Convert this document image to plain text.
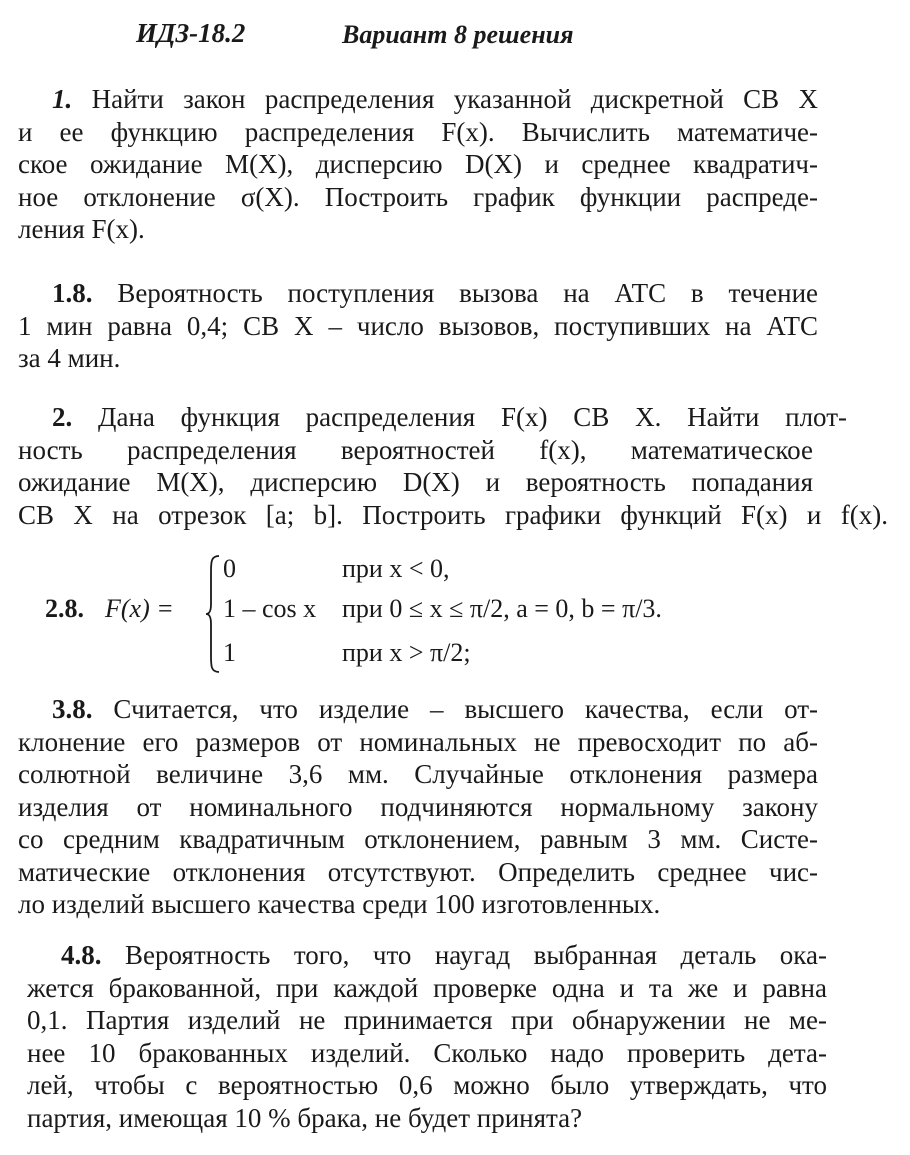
ИДЗ-18.2	Вариант 8 решения
1. Найти закон распределения указанной дискретной СВ X
и ее функцию распределения F(x). Вычислить математиче-
ское ожидание M(X), дисперсию D(X) и среднее квадратич-
ное отклонение σ(X). Построить график функции распреде-
ления F(x).
1.8. Вероятность поступления вызова на АТС в течение
1 мин равна 0,4; СВ X – число вызовов, поступивших на АТС
за 4 мин.
2. Дана функция распределения F(x) СВ X. Найти плот-
ность распределения вероятностей f(x), математическое
ожидание M(X), дисперсию D(X) и вероятность попадания
СВ X на отрезок [a; b]. Построить графики функций F(x) и f(x).
2.8. F(x) =
0	при x < 0,
1 – cos x при 0 ≤ x ≤ π/2, a = 0, b = π/3.
1	при x > π/2;
3.8. Считается, что изделие – высшего качества, если от-
клонение его размеров от номинальных не превосходит по аб-
солютной величине 3,6 мм. Случайные отклонения размера
изделия от номинального подчиняются нормальному закону
со средним квадратичным отклонением, равным 3 мм. Систе-
матические отклонения отсутствуют. Определить среднее чис-
ло изделий высшего качества среди 100 изготовленных.
4.8. Вероятность того, что наугад выбранная деталь ока-
жется бракованной, при каждой проверке одна и та же и равна
0,1. Партия изделий не принимается при обнаружении не ме-
нее 10 бракованных изделий. Сколько надо проверить дета-
лей, чтобы с вероятностью 0,6 можно было утверждать, что
партия, имеющая 10 % брака, не будет принята?
